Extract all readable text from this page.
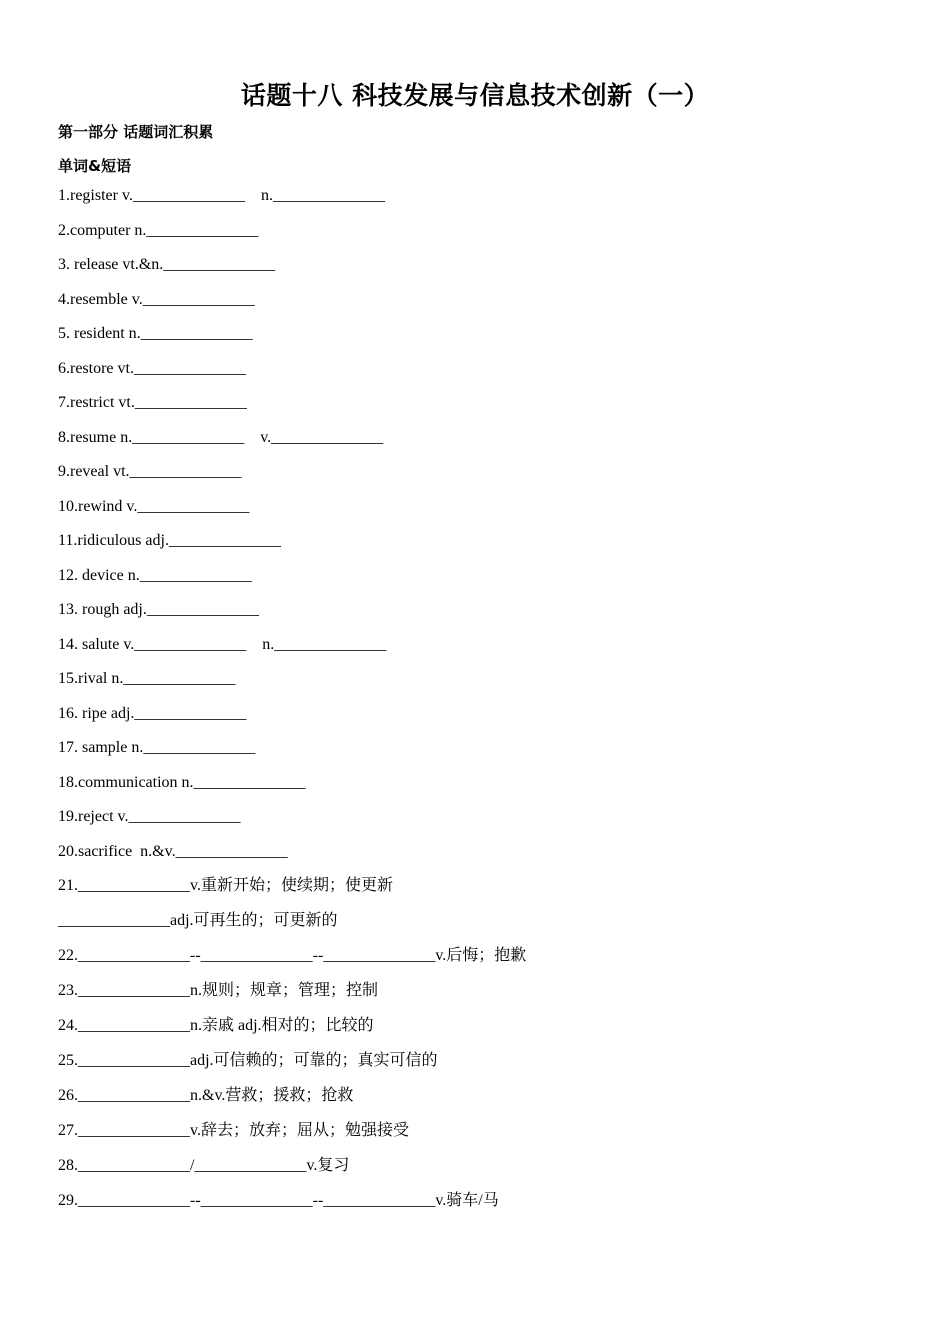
话题十八 科技发展与信息技术创新（一）
第一部分 话题词汇积累
单词&短语
1.register v.______________    n.______________
2.computer n.______________
3. release vt.&n.______________
4.resemble v.______________
5. resident n.______________
6.restore vt.______________
7.restrict vt.______________
8.resume n.______________    v.______________
9.reveal vt.______________
10.rewind v.______________
11.ridiculous adj.______________
12. device n.______________
13. rough adj.______________
14. salute v.______________    n.______________
15.rival n.______________
16. ripe adj.______________
17. sample n.______________
18.communication n.______________
19.reject v.______________
20.sacrifice  n.&v.______________
21.______________v.重新开始；使续期；使更新
______________adj.可再生的；可更新的
22.______________--______________--______________v.后悔；抱歉
23.______________n.规则；规章；管理；控制
24.______________n.亲戚 adj.相对的；比较的
25.______________adj.可信赖的；可靠的；真实可信的
26.______________n.&v.营救；援救；抢救
27.______________v.辞去；放弃；屈从；勉强接受
28.______________/______________v.复习
29.______________--______________--______________v.骑车/马
